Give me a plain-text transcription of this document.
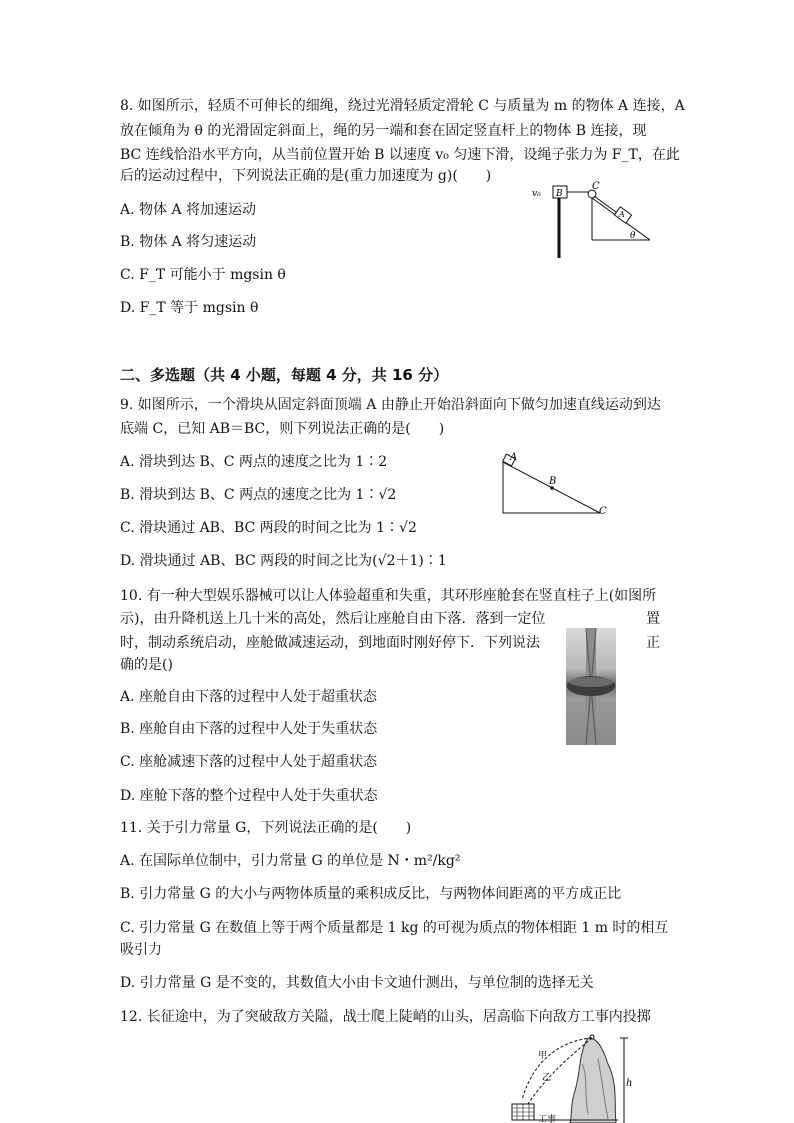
8. 如图所示，轻质不可伸长的细绳，绕过光滑轻质定滑轮 C 与质量为 m 的物体 A 连接，A
放在倾角为 θ 的光滑固定斜面上，绳的另一端和套在固定竖直杆上的物体 B 连接，现
BC 连线恰沿水平方向，从当前位置开始 B 以速度 v₀ 匀速下滑，设绳子张力为 F_T，在此
后的运动过程中，下列说法正确的是(重力加速度为 g)(　　)
A. 物体 A 将加速运动
B. 物体 A 将匀速运动
C. F_T 可能小于 mgsin θ
D. F_T 等于 mgsin θ
v₀ B
C
A
θ
二、多选题（共 4 小题，每题 4 分，共 16 分）
9. 如图所示，一个滑块从固定斜面顶端 A 由静止开始沿斜面向下做匀加速直线运动到达
底端 C，已知 AB＝BC，则下列说法正确的是(　　)
A. 滑块到达 B、C 两点的速度之比为 1∶2
B. 滑块到达 B、C 两点的速度之比为 1∶√2
C. 滑块通过 AB、BC 两段的时间之比为 1∶√2
D. 滑块通过 AB、BC 两段的时间之比为(√2＋1)∶1
A
B
C
10. 有一种大型娱乐器械可以让人体验超重和失重，其环形座舱套在竖直柱子上(如图所
示)，由升降机送上几十米的高处，然后让座舱自由下落．落到一定位	置
时，制动系统启动，座舱做减速运动，到地面时刚好停下．下列说法	正
确的是()
A. 座舱自由下落的过程中人处于超重状态
B. 座舱自由下落的过程中人处于失重状态
C. 座舱减速下落的过程中人处于超重状态
D. 座舱下落的整个过程中人处于失重状态
11. 关于引力常量 G，下列说法正确的是(　　)
A. 在国际单位制中，引力常量 G 的单位是 N・m²/kg²
B. 引力常量 G 的大小与两物体质量的乘积成反比，与两物体间距离的平方成正比
C. 引力常量 G 在数值上等于两个质量都是 1 kg 的可视为质点的物体相距 1 m 时的相互
吸引力
D. 引力常量 G 是不变的，其数值大小由卡文迪什测出，与单位制的选择无关
12. 长征途中，为了突破敌方关隘，战士爬上陡峭的山头，居高临下向敌方工事内投掷
甲
乙	h
工事
